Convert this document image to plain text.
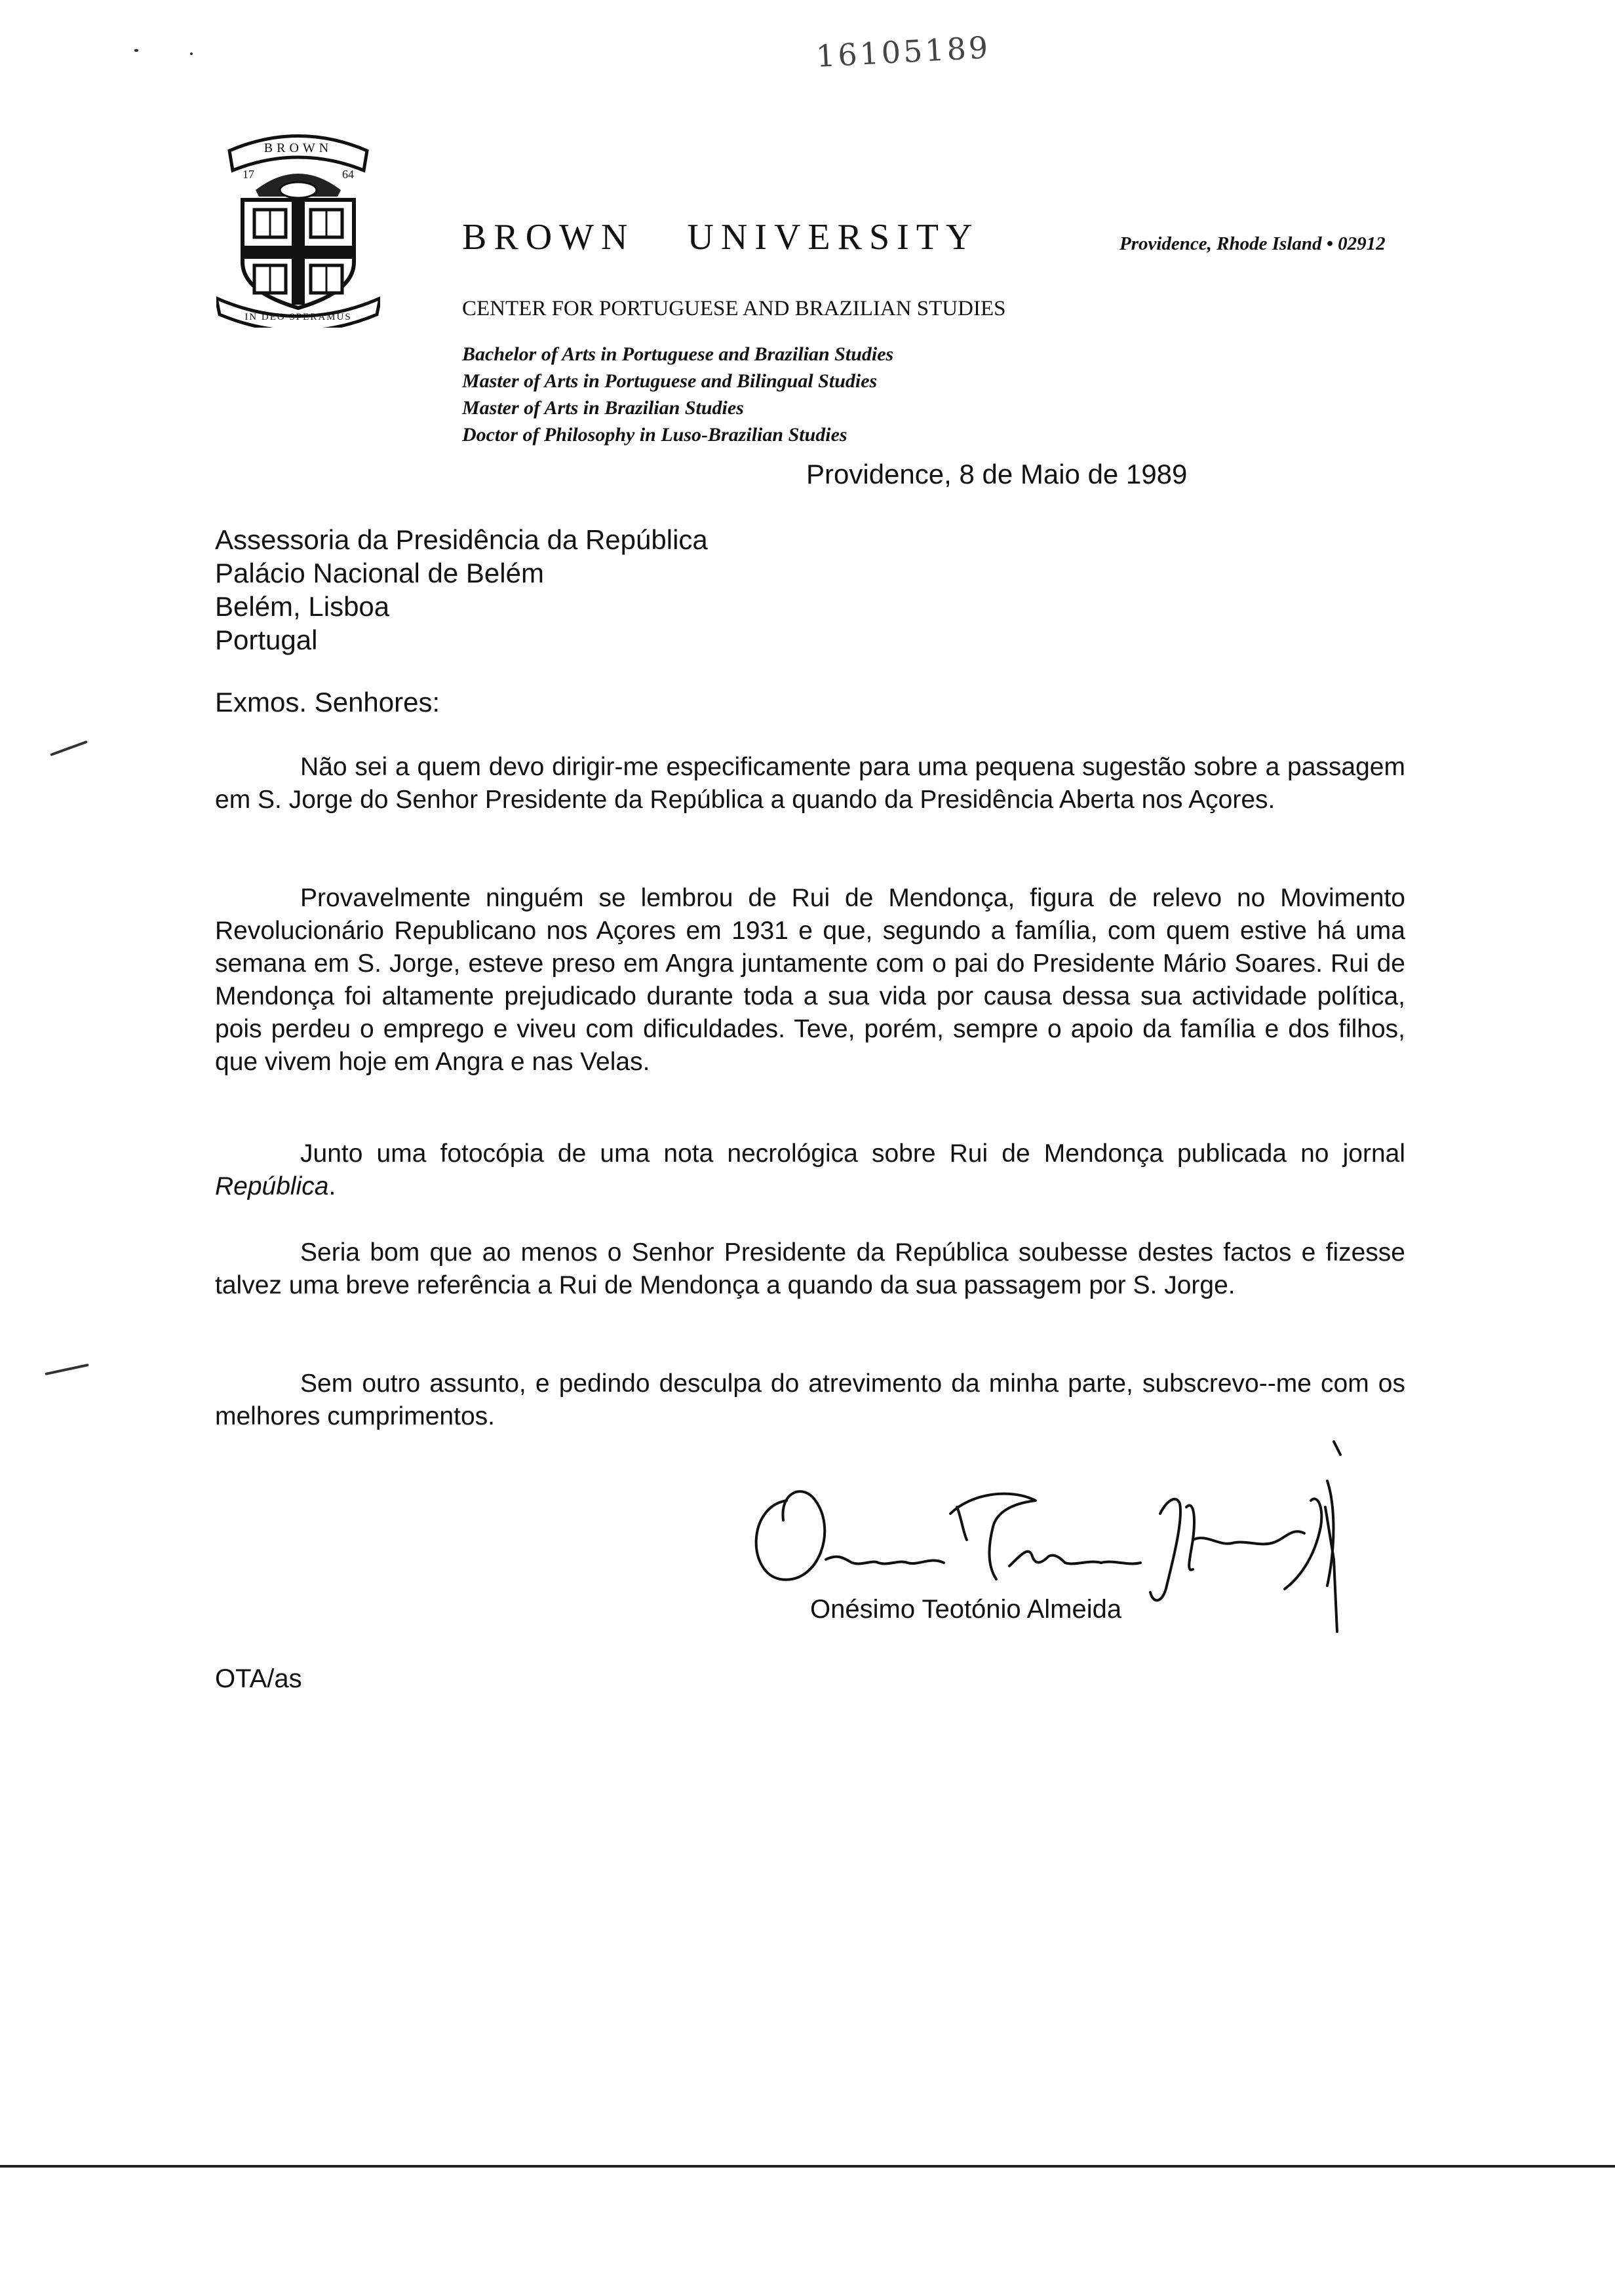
16105189
BROWN
17	64
IN DEO SPERAMUS
BROWN UNIVERSITY	Providence, Rhode Island • 02912
CENTER FOR PORTUGUESE AND BRAZILIAN STUDIES
Bachelor of Arts in Portuguese and Brazilian Studies
Master of Arts in Portuguese and Bilingual Studies
Master of Arts in Brazilian Studies
Doctor of Philosophy in Luso-Brazilian Studies
Providence, 8 de Maio de 1989
Assessoria da Presidência da República
Palácio Nacional de Belém
Belém, Lisboa
Portugal
Exmos. Senhores:

Não sei a quem devo dirigir-me especificamente para uma pequena sugestão sobre a passagem em S. Jorge do Senhor Presidente da República a quando da Presidência Aberta nos Açores.

Provavelmente ninguém se lembrou de Rui de Mendonça, figura de relevo no Movimento Revolucionário Republicano nos Açores em 1931 e que, segundo a família, com quem estive há uma semana em S. Jorge, esteve preso em Angra juntamente com o pai do Presidente Mário Soares. Rui de Mendonça foi altamente prejudicado durante toda a sua vida por causa dessa sua actividade política, pois perdeu o emprego e viveu com dificuldades. Teve, porém, sempre o apoio da família e dos filhos, que vivem hoje em Angra e nas Velas.

Junto uma fotocópia de uma nota necrológica sobre Rui de Mendonça publicada no jornal República.

Seria bom que ao menos o Senhor Presidente da República soubesse destes factos e fizesse talvez uma breve referência a Rui de Mendonça a quando da sua passagem por S. Jorge.

Sem outro assunto, e pedindo desculpa do atrevimento da minha parte, subscrevo--me com os melhores cumprimentos.

Onésimo Teotónio Almeida
Onésimo Teotónio Almeida
OTA/as
